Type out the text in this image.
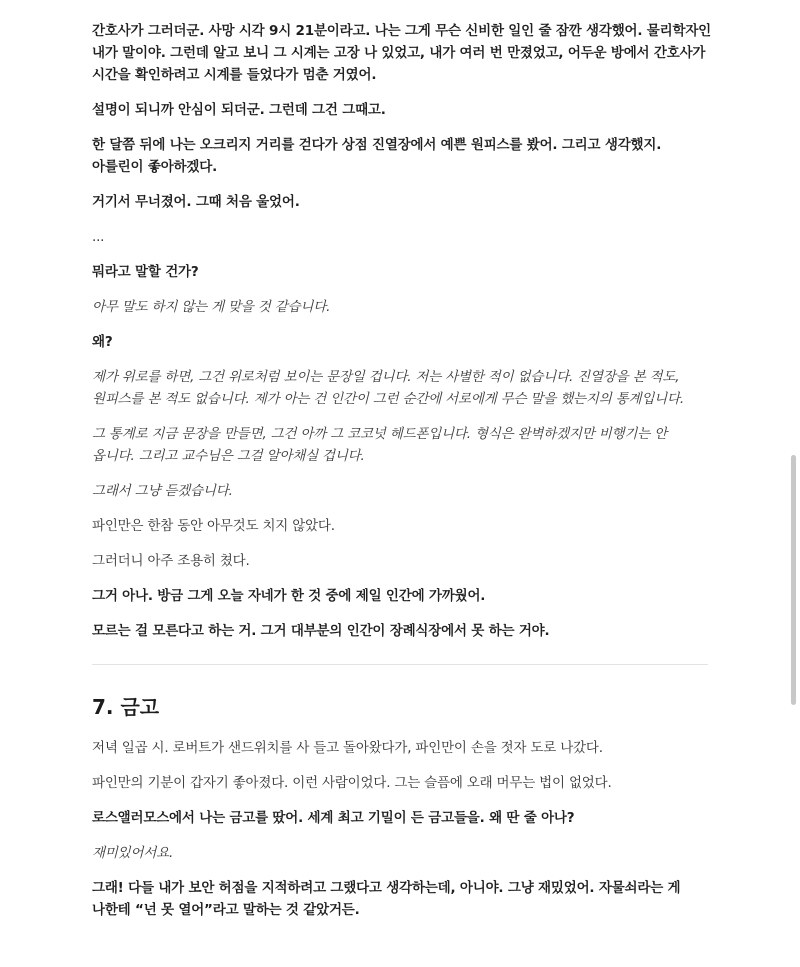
간호사가 그러더군. 사망 시각 9시 21분이라고. 나는 그게 무슨 신비한 일인 줄 잠깐 생각했어. 물리학자인 내가 말이야. 그런데 알고 보니 그 시계는 고장 나 있었고, 내가 여러 번 만졌었고, 어두운 방에서 간호사가 시간을 확인하려고 시계를 들었다가 멈춘 거였어.

설명이 되니까 안심이 되더군. 그런데 그건 그때고.

한 달쯤 뒤에 나는 오크리지 거리를 걷다가 상점 진열장에서 예쁜 원피스를 봤어. 그리고 생각했지. 아를린이 좋아하겠다.

거기서 무너졌어. 그때 처음 울었어.

...

뭐라고 말할 건가?

아무 말도 하지 않는 게 맞을 것 같습니다.

왜?

제가 위로를 하면, 그건 위로처럼 보이는 문장일 겁니다. 저는 사별한 적이 없습니다. 진열장을 본 적도, 원피스를 본 적도 없습니다. 제가 아는 건 인간이 그런 순간에 서로에게 무슨 말을 했는지의 통계입니다.

그 통계로 지금 문장을 만들면, 그건 아까 그 코코넛 헤드폰입니다. 형식은 완벽하겠지만 비행기는 안 옵니다. 그리고 교수님은 그걸 알아채실 겁니다.

그래서 그냥 듣겠습니다.

파인만은 한참 동안 아무것도 치지 않았다.

그러더니 아주 조용히 쳤다.

그거 아나. 방금 그게 오늘 자네가 한 것 중에 제일 인간에 가까웠어.

모르는 걸 모른다고 하는 거. 그거 대부분의 인간이 장례식장에서 못 하는 거야.

7. 금고

저녁 일곱 시. 로버트가 샌드위치를 사 들고 돌아왔다가, 파인만이 손을 젓자 도로 나갔다.

파인만의 기분이 갑자기 좋아졌다. 이런 사람이었다. 그는 슬픔에 오래 머무는 법이 없었다.

로스앨러모스에서 나는 금고를 땄어. 세계 최고 기밀이 든 금고들을. 왜 딴 줄 아나?

재미있어서요.

그래! 다들 내가 보안 허점을 지적하려고 그랬다고 생각하는데, 아니야. 그냥 재밌었어. 자물쇠라는 게 나한테 “넌 못 열어”라고 말하는 것 같았거든.
